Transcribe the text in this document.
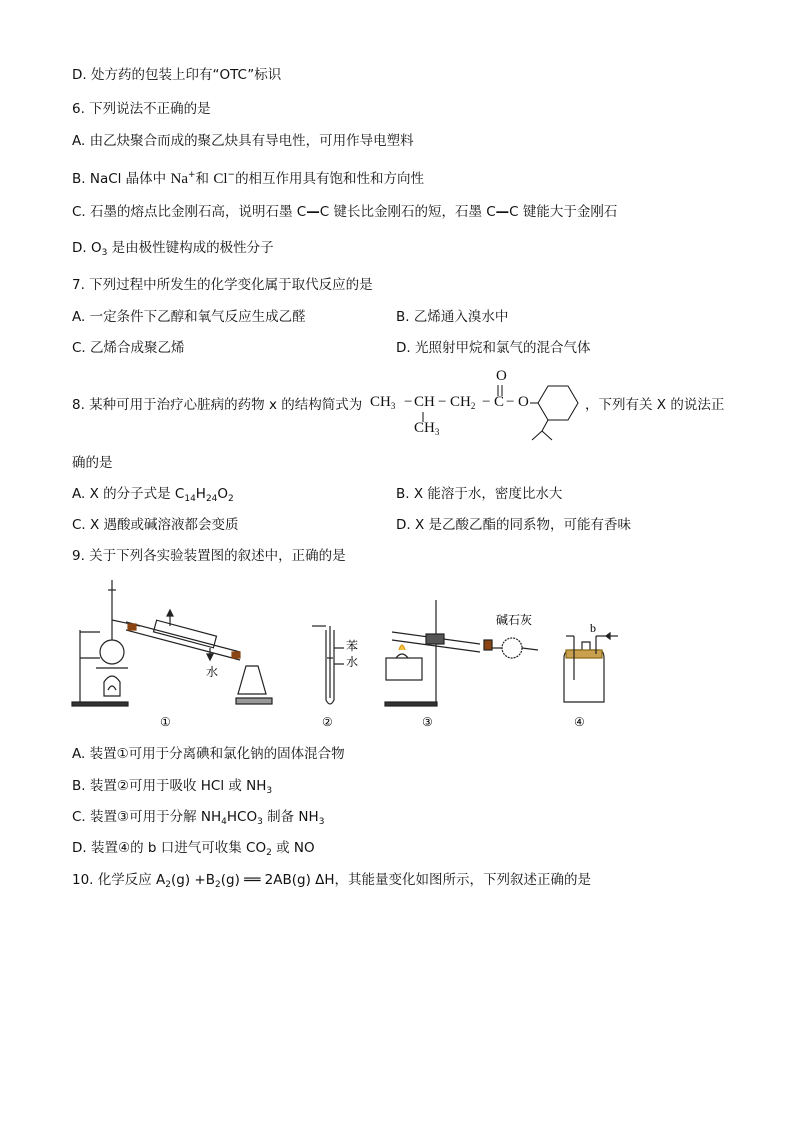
D. 处方药的包装上印有“OTC”标识
6. 下列说法不正确的是
A. 由乙炔聚合而成的聚乙炔具有导电性，可用作导电塑料
B. NaCl 晶体中 Na+和 Cl−的相互作用具有饱和性和方向性
C. 石墨的熔点比金刚石高，说明石墨 C—C 键长比金刚石的短，石墨 C—C 键能大于金刚石
D. $O_3$ 是由极性键构成的极性分子
7. 下列过程中所发生的化学变化属于取代反应的是
A. 一定条件下乙醇和氧气反应生成乙醛	B. 乙烯通入溴水中
C. 乙烯合成聚乙烯	D. 光照射甲烷和氯气的混合气体
8. 某种可用于治疗心脏病的药物 x 的结构简式为 $CH_3$ − CH − $CH_2 - C$
O
− O
$CH_3$
，下列有关 X 的说法正
确的是
A. X 的分子式是 $C_{14}H_{24}O_2$	B. X 能溶于水，密度比水大
C. X 遇酸或碱溶液都会变质	D. X 是乙酸乙酯的同系物，可能有香味
9. 关于下列各实验装置图的叙述中，正确的是
水
苯
水
碱石灰
b
①	②	③	④
A. 装置①可用于分离碘和氯化钠的固体混合物
B. 装置②可用于吸收 HCl 或 $NH_3$
C. 装置③可用于分解 $NH_4HCO_3$ 制备 $NH_3$
D. 装置④的 b 口进气可收集 $CO_2$ 或 NO
10. 化学反应 $A_2(g) +B_2(g)$ ══ 2AB(g) ΔH，其能量变化如图所示，下列叙述正确的是
